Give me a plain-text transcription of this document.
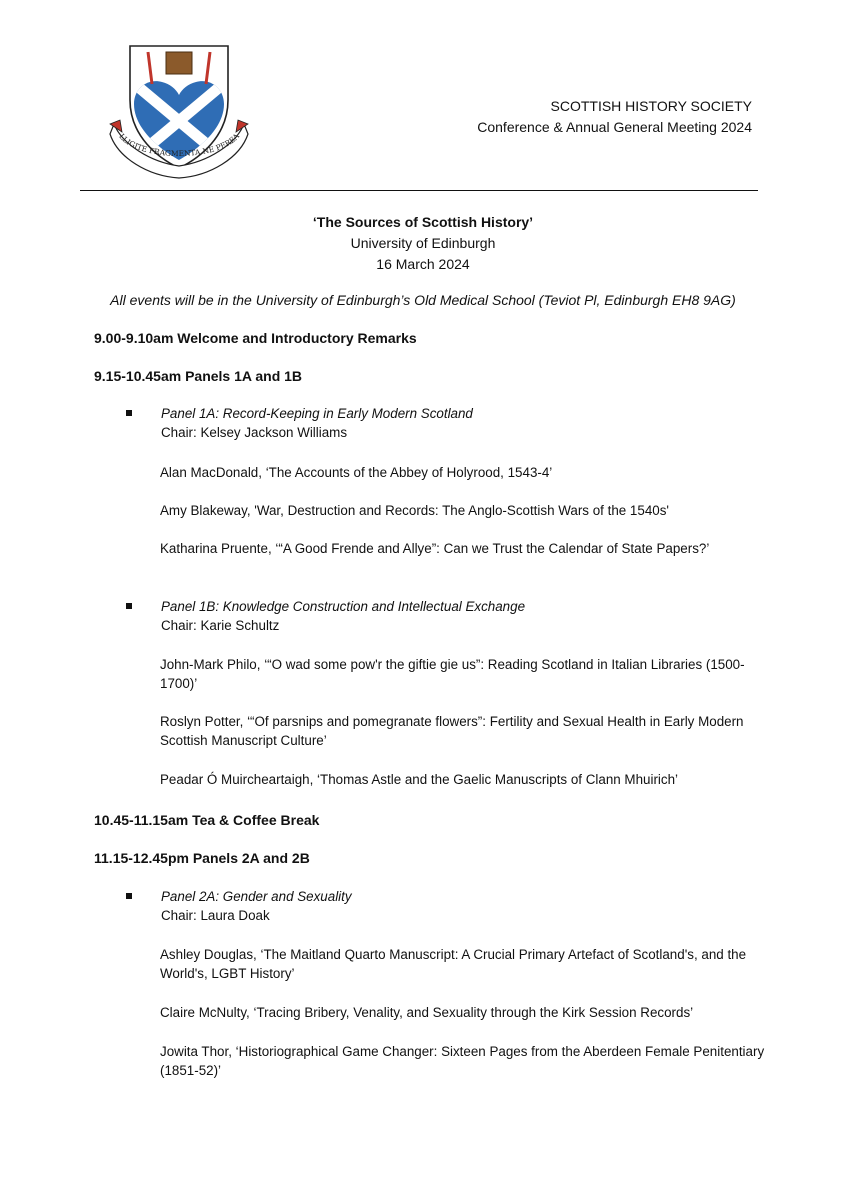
LLIGITE FRAGMENTA NE PEREA
SCOTTISH HISTORY SOCIETY
Conference & Annual General Meeting 2024
‘The Sources of Scottish History’
University of Edinburgh
16 March 2024
All events will be in the University of Edinburgh’s Old Medical School (Teviot Pl, Edinburgh EH8 9AG)
9.00-9.10am Welcome and Introductory Remarks
9.15-10.45am Panels 1A and 1B
Panel 1A: Record-Keeping in Early Modern Scotland
Chair: Kelsey Jackson Williams
Alan MacDonald, ‘The Accounts of the Abbey of Holyrood, 1543-4’
Amy Blakeway, 'War, Destruction and Records: The Anglo-Scottish Wars of the 1540s'
Katharina Pruente, ‘“A Good Frende and Allye”: Can we Trust the Calendar of State Papers?’
Panel 1B: Knowledge Construction and Intellectual Exchange
Chair: Karie Schultz
John-Mark Philo, ‘“O wad some pow'r the giftie gie us”: Reading Scotland in Italian Libraries (1500-1700)’
Roslyn Potter, ‘“Of parsnips and pomegranate flowers”: Fertility and Sexual Health in Early Modern Scottish Manuscript Culture’
Peadar Ó Muircheartaigh, ‘Thomas Astle and the Gaelic Manuscripts of Clann Mhuirich’
10.45-11.15am Tea & Coffee Break
11.15-12.45pm Panels 2A and 2B
Panel 2A: Gender and Sexuality
Chair: Laura Doak
Ashley Douglas, ‘The Maitland Quarto Manuscript: A Crucial Primary Artefact of Scotland's, and the World's, LGBT History’
Claire McNulty, ‘Tracing Bribery, Venality, and Sexuality through the Kirk Session Records’
Jowita Thor, ‘Historiographical Game Changer: Sixteen Pages from the Aberdeen Female Penitentiary (1851-52)’
